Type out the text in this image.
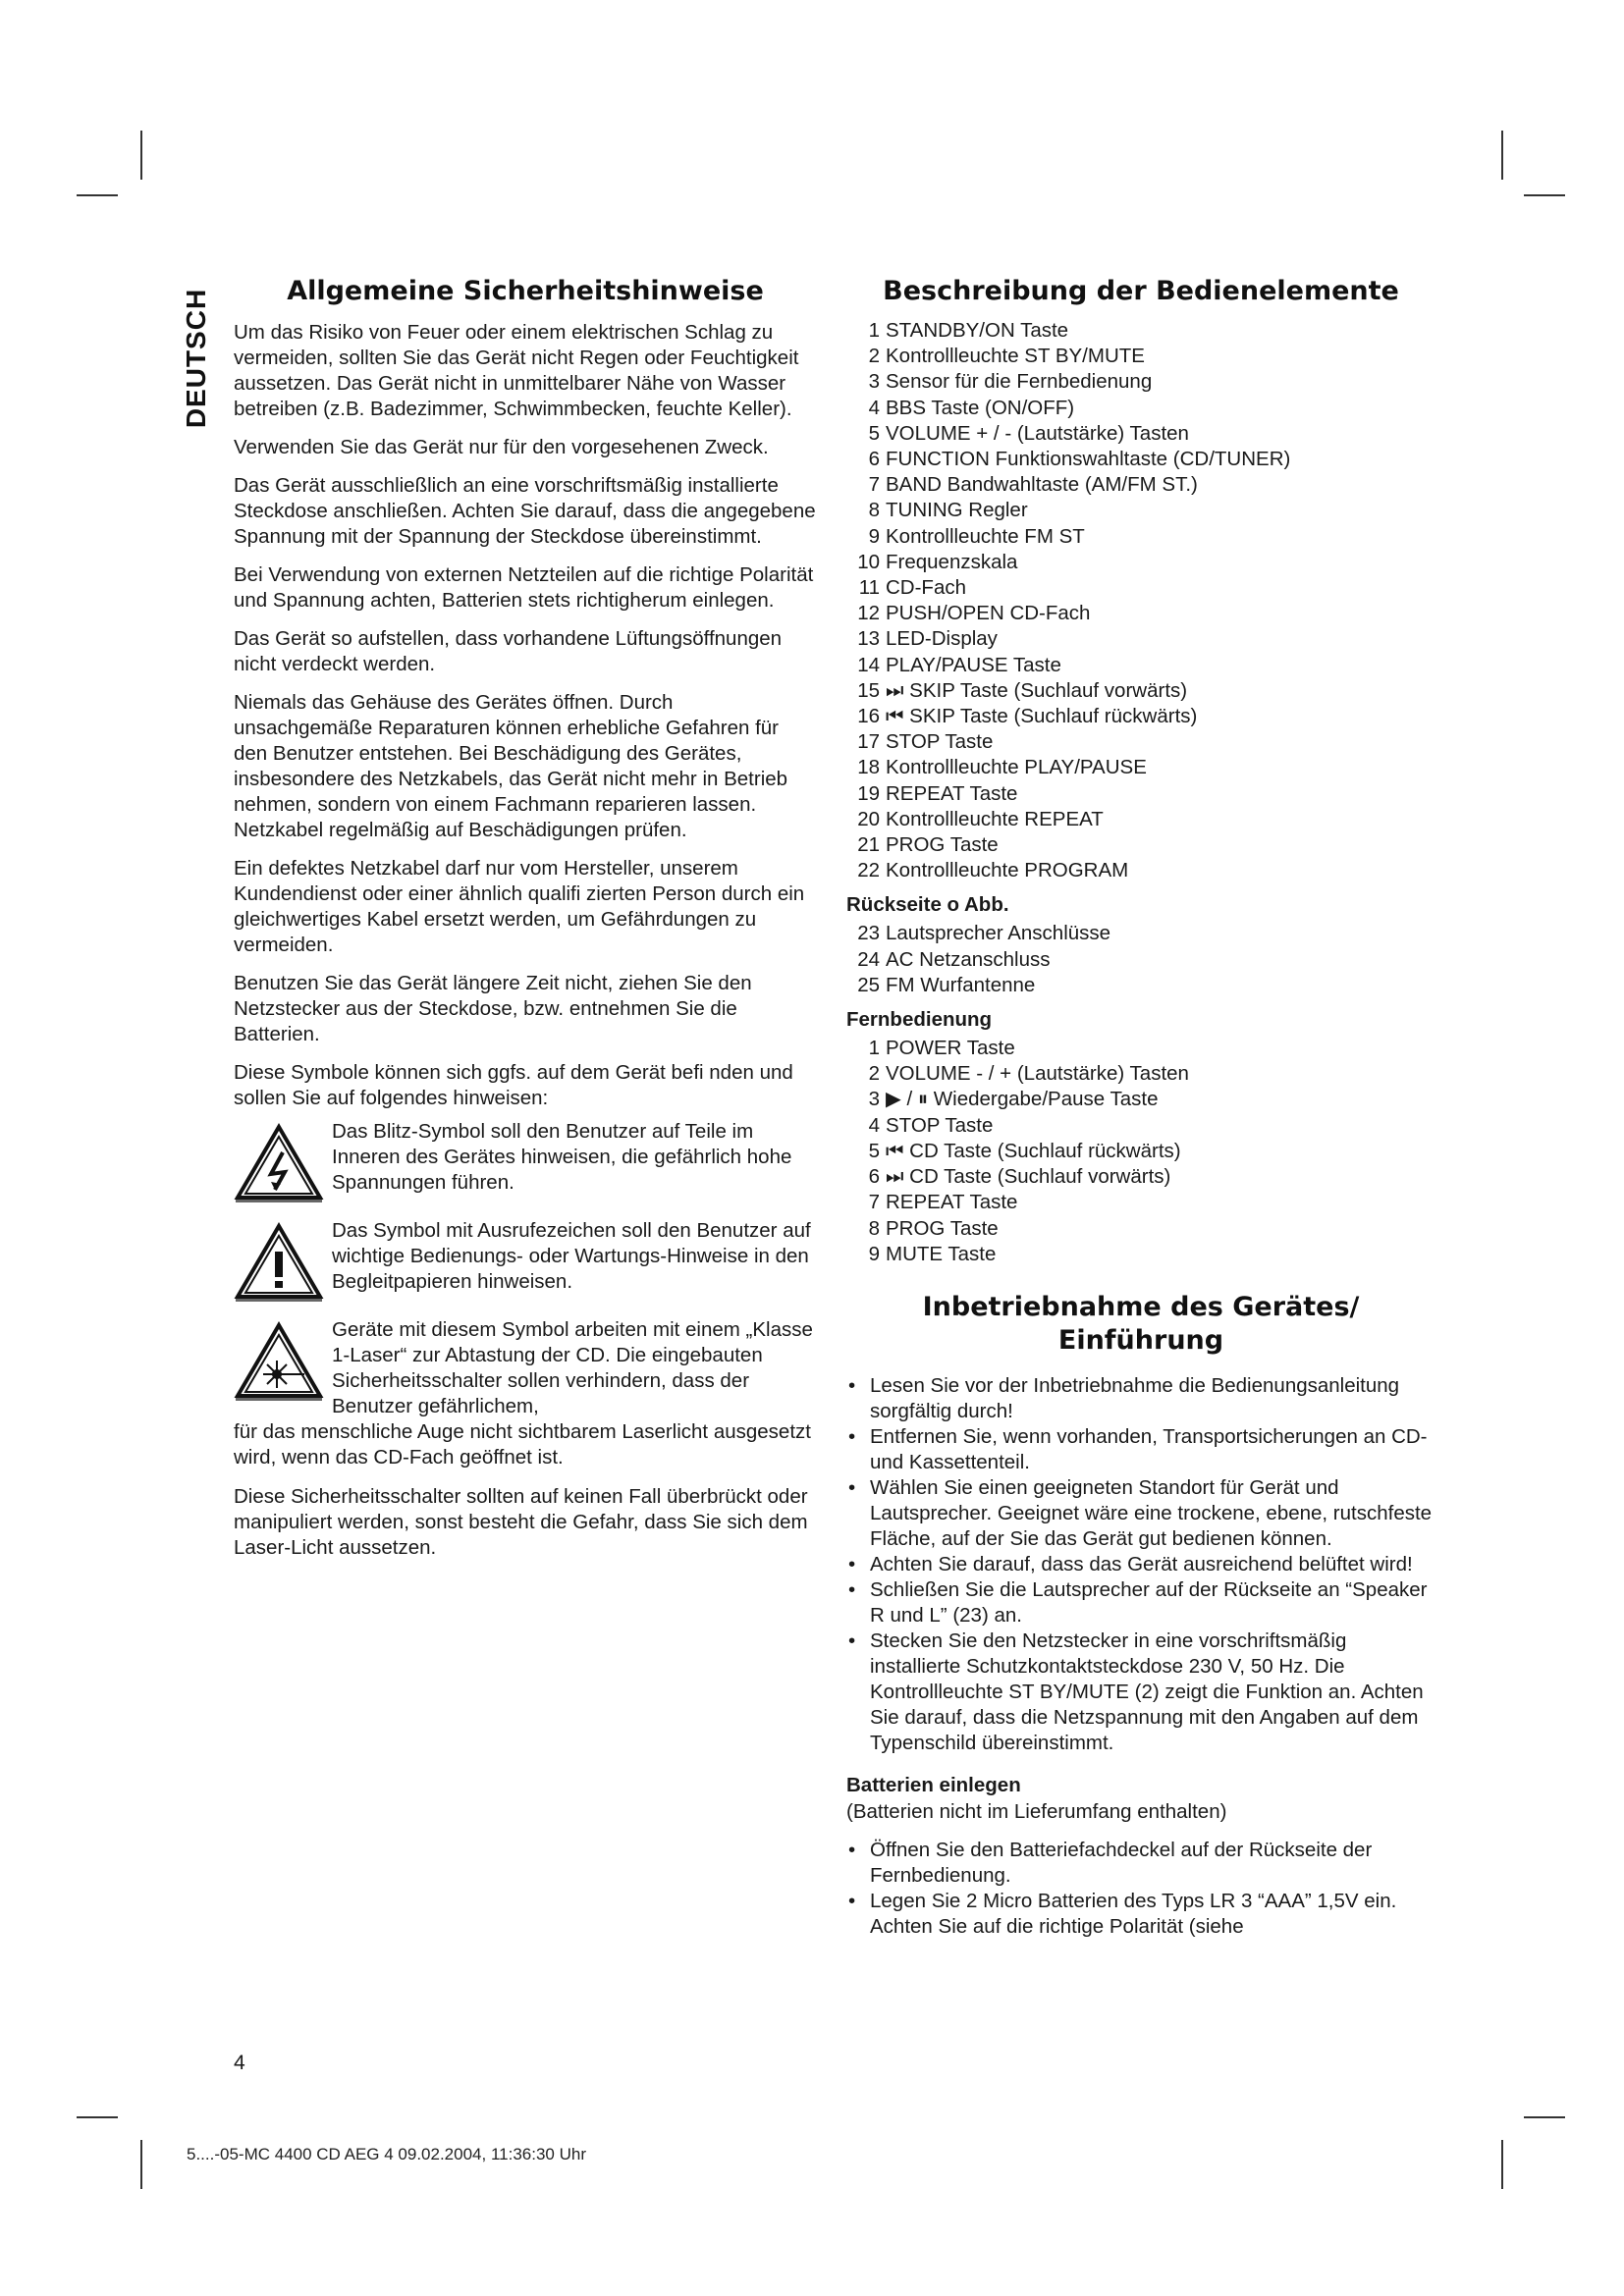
DEUTSCH	Allgemeine Sicherheitshinweise

Um das Risiko von Feuer oder einem elektrischen Schlag zu vermeiden, sollten Sie das Gerät nicht Regen oder Feuchtigkeit aussetzen. Das Gerät nicht in unmittelbarer Nähe von Wasser betreiben (z.B. Badezimmer, Schwimmbecken, feuchte Keller).

Verwenden Sie das Gerät nur für den vorgesehenen Zweck.

Das Gerät ausschließlich an eine vorschriftsmäßig installierte Steckdose anschließen. Achten Sie darauf, dass die angegebene Spannung mit der Spannung der Steckdose übereinstimmt.

Bei Verwendung von externen Netzteilen auf die richtige Polarität und Spannung achten, Batterien stets richtigherum einlegen.

Das Gerät so aufstellen, dass vorhandene Lüftungsöffnungen nicht verdeckt werden.

Niemals das Gehäuse des Gerätes öffnen. Durch unsachgemäße Reparaturen können erhebliche Gefahren für den Benutzer entstehen. Bei Beschädigung des Gerätes, insbesondere des Netzkabels, das Gerät nicht mehr in Betrieb nehmen, sondern von einem Fachmann reparieren lassen. Netzkabel regelmäßig auf Beschädigungen prüfen.

Ein defektes Netzkabel darf nur vom Hersteller, unserem Kundendienst oder einer ähnlich qualifi zierten Person durch ein gleichwertiges Kabel ersetzt werden, um Gefährdungen zu vermeiden.

Benutzen Sie das Gerät längere Zeit nicht, ziehen Sie den Netzstecker aus der Steckdose, bzw. entnehmen Sie die Batterien.

Diese Symbole können sich ggfs. auf dem Gerät befi nden und sollen Sie auf folgendes hinweisen:

Das Blitz-Symbol soll den Benutzer auf Teile im Inneren des Gerätes hinweisen, die gefährlich hohe Spannungen führen.
Das Symbol mit Ausrufezeichen soll den Benutzer auf wichtige Bedienungs- oder Wartungs-Hinweise in den Begleitpapieren hinweisen.
Geräte mit diesem Symbol arbeiten mit einem „Klasse 1-Laser“ zur Abtastung der CD. Die eingebauten Sicherheitsschalter sollen verhindern, dass der Benutzer gefährlichem,
für das menschliche Auge nicht sichtbarem Laserlicht ausgesetzt wird, wenn das CD-Fach geöffnet ist.

Diese Sicherheitsschalter sollten auf keinen Fall überbrückt oder manipuliert werden, sonst besteht die Gefahr, dass Sie sich dem Laser-Licht aussetzen.

Beschreibung der Bedienelemente
1 STANDBY/ON Taste
2 Kontrollleuchte ST BY/MUTE
3 Sensor für die Fernbedienung
4 BBS Taste (ON/OFF)
5 VOLUME + / - (Lautstärke) Tasten
6 FUNCTION Funktionswahltaste (CD/TUNER)
7 BAND Bandwahltaste (AM/FM ST.)
8 TUNING Regler
9 Kontrollleuchte FM ST
10 Frequenzskala
11 CD-Fach
12 PUSH/OPEN CD-Fach
13 LED-Display
14 PLAY/PAUSE Taste
15 ⏭ SKIP Taste (Suchlauf vorwärts)
16 ⏮ SKIP Taste (Suchlauf rückwärts)
17 STOP Taste
18 Kontrollleuchte PLAY/PAUSE
19 REPEAT Taste
20 Kontrollleuchte REPEAT
21 PROG Taste
22 Kontrollleuchte PROGRAM
Rückseite o Abb.
23 Lautsprecher Anschlüsse
24 AC Netzanschluss
25 FM Wurfantenne
Fernbedienung
1 POWER Taste
2 VOLUME - / + (Lautstärke) Tasten
3 ▶ / ⏸ Wiedergabe/Pause Taste
4 STOP Taste
5 ⏮ CD Taste (Suchlauf rückwärts)
6 ⏭ CD Taste (Suchlauf vorwärts)
7 REPEAT Taste
8 PROG Taste
9 MUTE Taste
Inbetriebnahme des Gerätes/
Einführung
• Lesen Sie vor der Inbetriebnahme die Bedienungsanleitung sorgfältig durch!
• Entfernen Sie, wenn vorhanden, Transportsicherungen an CD- und Kassettenteil.
• Wählen Sie einen geeigneten Standort für Gerät und Lautsprecher. Geeignet wäre eine trockene, ebene, rutschfeste Fläche, auf der Sie das Gerät gut bedienen können.
• Achten Sie darauf, dass das Gerät ausreichend belüftet wird!
• Schließen Sie die Lautsprecher auf der Rückseite an “Speaker R und L” (23) an.
• Stecken Sie den Netzstecker in eine vorschriftsmäßig installierte Schutzkontaktsteckdose 230 V, 50 Hz. Die Kontrollleuchte ST BY/MUTE (2) zeigt die Funktion an. Achten Sie darauf, dass die Netzspannung mit den Angaben auf dem Typenschild übereinstimmt.
Batterien einlegen

(Batterien nicht im Lieferumfang enthalten)

• Öffnen Sie den Batteriefachdeckel auf der Rückseite der Fernbedienung.
• Legen Sie 2 Micro Batterien des Typs LR 3 “AAA” 1,5V ein. Achten Sie auf die richtige Polarität (siehe
4
5....-05-MC 4400 CD AEG 4 09.02.2004, 11:36:30 Uhr
